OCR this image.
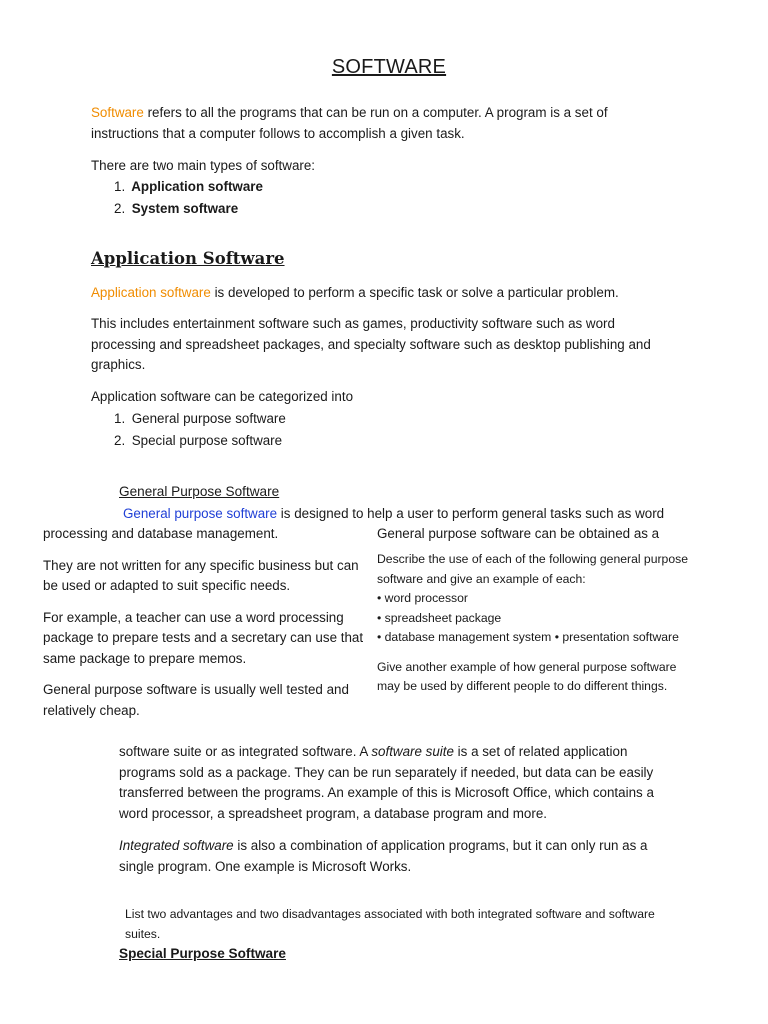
SOFTWARE
Software refers to all the programs that can be run on a computer. A program is a set of
instructions that a computer follows to accomplish a given task.
There are two main types of software:
1. Application software
2. System software
Application Software
Application software is developed to perform a specific task or solve a particular problem.
This includes entertainment software such as games, productivity software such as word
processing and spreadsheet packages, and specialty software such as desktop publishing and
graphics.
Application software can be categorized into
1. General purpose software
2. Special purpose software
General Purpose Software
General purpose software is designed to help a user to perform general tasks such as word
processing and database management.
They are not written for any specific business but can
be used or adapted to suit specific needs.
For example, a teacher can use a word processing
package to prepare tests and a secretary can use that
same package to prepare memos.
General purpose software is usually well tested and
relatively cheap.
General purpose software can be obtained as a
Describe the use of each of the following general purpose
software and give an example of each:
• word processor
• spreadsheet package
• database management system • presentation software
Give another example of how general purpose software
may be used by different people to do different things.
software suite or as integrated software. A software suite is a set of related application
programs sold as a package. They can be run separately if needed, but data can be easily
transferred between the programs. An example of this is Microsoft Office, which contains a
word processor, a spreadsheet program, a database program and more.
Integrated software is also a combination of application programs, but it can only run as a
single program. One example is Microsoft Works.
List two advantages and two disadvantages associated with both integrated software and software
suites.
Special Purpose Software
